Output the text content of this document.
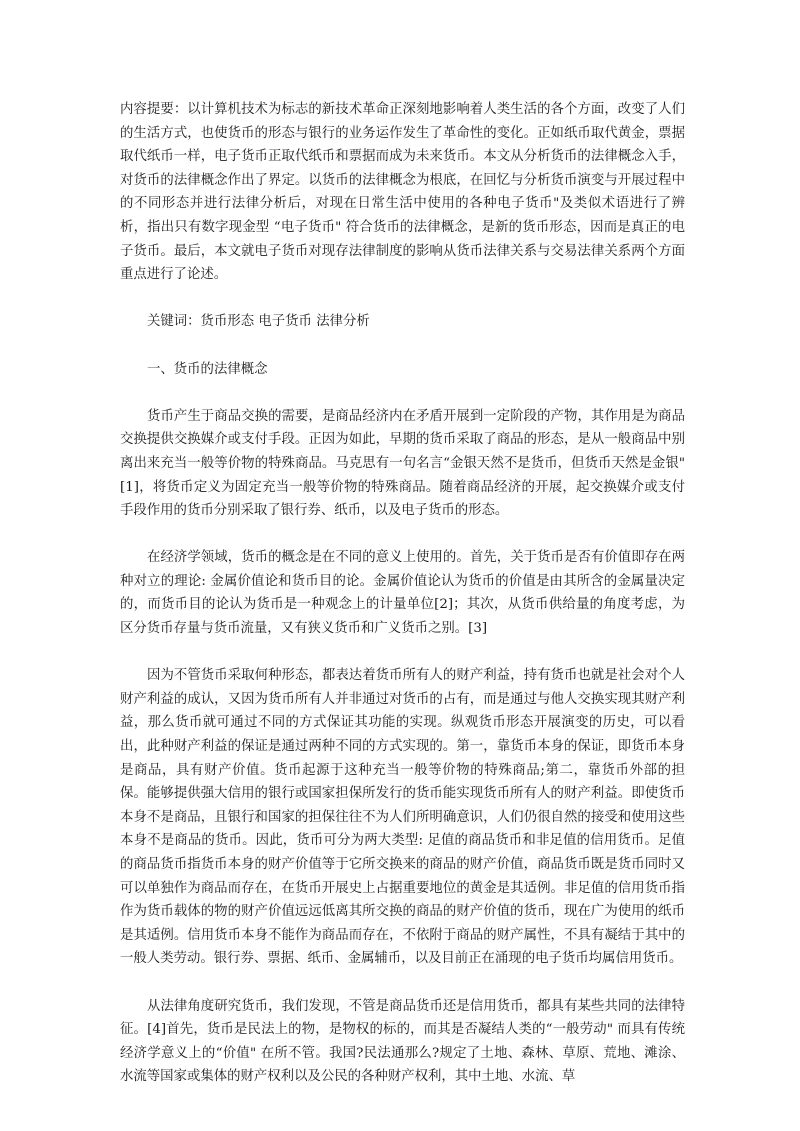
内容提要：以计算机技术为标志的新技术革命正深刻地影响着人类生活的各个方面，改变了人们的生活方式，也使货币的形态与银行的业务运作发生了革命性的变化。正如纸币取代黄金，票据取代纸币一样，电子货币正取代纸币和票据而成为未来货币。本文从分析货币的法律概念入手，对货币的法律概念作出了界定。以货币的法律概念为根底，在回忆与分析货币演变与开展过程中的不同形态并进行法律分析后，对现在日常生活中使用的各种电子货币"及类似术语进行了辨析，指出只有数字现金型 “电子货币" 符合货币的法律概念，是新的货币形态，因而是真正的电子货币。最后，本文就电子货币对现存法律制度的影响从货币法律关系与交易法律关系两个方面重点进行了论述。

关键词：货币形态 电子货币 法律分析

一、货币的法律概念

货币产生于商品交换的需要，是商品经济内在矛盾开展到一定阶段的产物，其作用是为商品交换提供交换媒介或支付手段。正因为如此，早期的货币采取了商品的形态，是从一般商品中别离出来充当一般等价物的特殊商品。马克思有一句名言“金银天然不是货币，但货币天然是金银" [1]，将货币定义为固定充当一般等价物的特殊商品。随着商品经济的开展，起交换媒介或支付手段作用的货币分别采取了银行券、纸币，以及电子货币的形态。

在经济学领域，货币的概念是在不同的意义上使用的。首先，关于货币是否有价值即存在两种对立的理论: 金属价值论和货币目的论。金属价值论认为货币的价值是由其所含的金属量决定的，而货币目的论认为货币是一种观念上的计量单位[2]；其次，从货币供给量的角度考虑，为区分货币存量与货币流量，又有狭义货币和广义货币之别。[3]

因为不管货币采取何种形态，都表达着货币所有人的财产利益，持有货币也就是社会对个人财产利益的成认，又因为货币所有人并非通过对货币的占有，而是通过与他人交换实现其财产利益，那么货币就可通过不同的方式保证其功能的实现。纵观货币形态开展演变的历史，可以看出，此种财产利益的保证是通过两种不同的方式实现的。第一，靠货币本身的保证，即货币本身是商品，具有财产价值。货币起源于这种充当一般等价物的特殊商品;第二，靠货币外部的担保。能够提供强大信用的银行或国家担保所发行的货币能实现货币所有人的财产利益。即使货币本身不是商品，且银行和国家的担保往往不为人们所明确意识，人们仍很自然的接受和使用这些本身不是商品的货币。因此，货币可分为两大类型: 足值的商品货币和非足值的信用货币。足值的商品货币指货币本身的财产价值等于它所交换来的商品的财产价值，商品货币既是货币同时又可以单独作为商品而存在，在货币开展史上占据重要地位的黄金是其适例。非足值的信用货币指作为货币载体的物的财产价值远远低离其所交换的商品的财产价值的货币，现在广为使用的纸币是其适例。信用货币本身不能作为商品而存在，不依附于商品的财产属性，不具有凝结于其中的一般人类劳动。银行券、票据、纸币、金属辅币，以及目前正在涌现的电子货币均属信用货币。

从法律角度研究货币，我们发现，不管是商品货币还是信用货币，都具有某些共同的法律特征。[4]首先，货币是民法上的物，是物权的标的，而其是否凝结人类的“一般劳动" 而具有传统经济学意义上的“价值" 在所不管。我国?民法通那么?规定了土地、森林、草原、荒地、滩涂、水流等国家或集体的财产权利以及公民的各种财产权利，其中土地、水流、草
